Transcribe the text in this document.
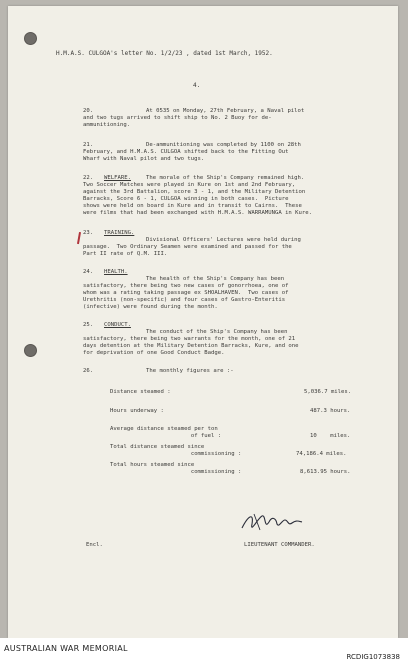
H.M.A.S. CULGOA's letter No. 1/2/23 , dated 1st March, 1952.
4.
20.	At 0535 on Monday, 27th February, a Naval pilot
and two tugs arrived to shift ship to No. 2 Buoy for de-
ammunitioning.
21.	De-ammunitioning was completed by 1100 on 28th
February, and H.M.A.S. CULGOA shifted back to the Fitting Out
Wharf with Naval pilot and two tugs.
22. WELFARE.	The morale of the Ship's Company remained high.
Two Soccer Matches were played in Kure on 1st and 2nd February,
against the 3rd Battalion, score 3 - 1, and the Military Detention
Barracks, Score 6 - 1, CULGOA winning in both cases.  Picture
shows were held on board in Kure and in transit to Cairns.  These
were films that had been exchanged with H.M.A.S. WARRAMUNGA in Kure.
23. TRAINING.
Divisional Officers' Lectures were held during
passage.  Two Ordinary Seamen were examined and passed for the
Part II rate of Q.M. III.
24. HEALTH.
The health of the Ship's Company has been
satisfactory, there being two new cases of gonorrhoea, one of
whom was a rating taking passage ex SHOALHAVEN.  Two cases of
Urethritis (non-specific) and four cases of Gastro-Enteritis
(infective) were found during the month.
25. CONDUCT.
The conduct of the Ship's Company has been
satisfactory, there being two warrants for the month, one of 21
days detention at the Military Detention Barracks, Kure, and one
for deprivation of one Good Conduct Badge.
26.	The monthly figures are :-
Distance steamed :	5,036.7 miles.
Hours underway :	487.3 hours.
Average distance steamed per ton
of fuel :	10    miles.
Total distance steamed since
commissioning :	74,186.4 miles.
Total hours steamed since
commissioning :	8,613.95 hours.
LIEUTENANT COMMANDER.
Encl.
AUSTRALIAN WAR MEMORIAL
RCDIG1073838
